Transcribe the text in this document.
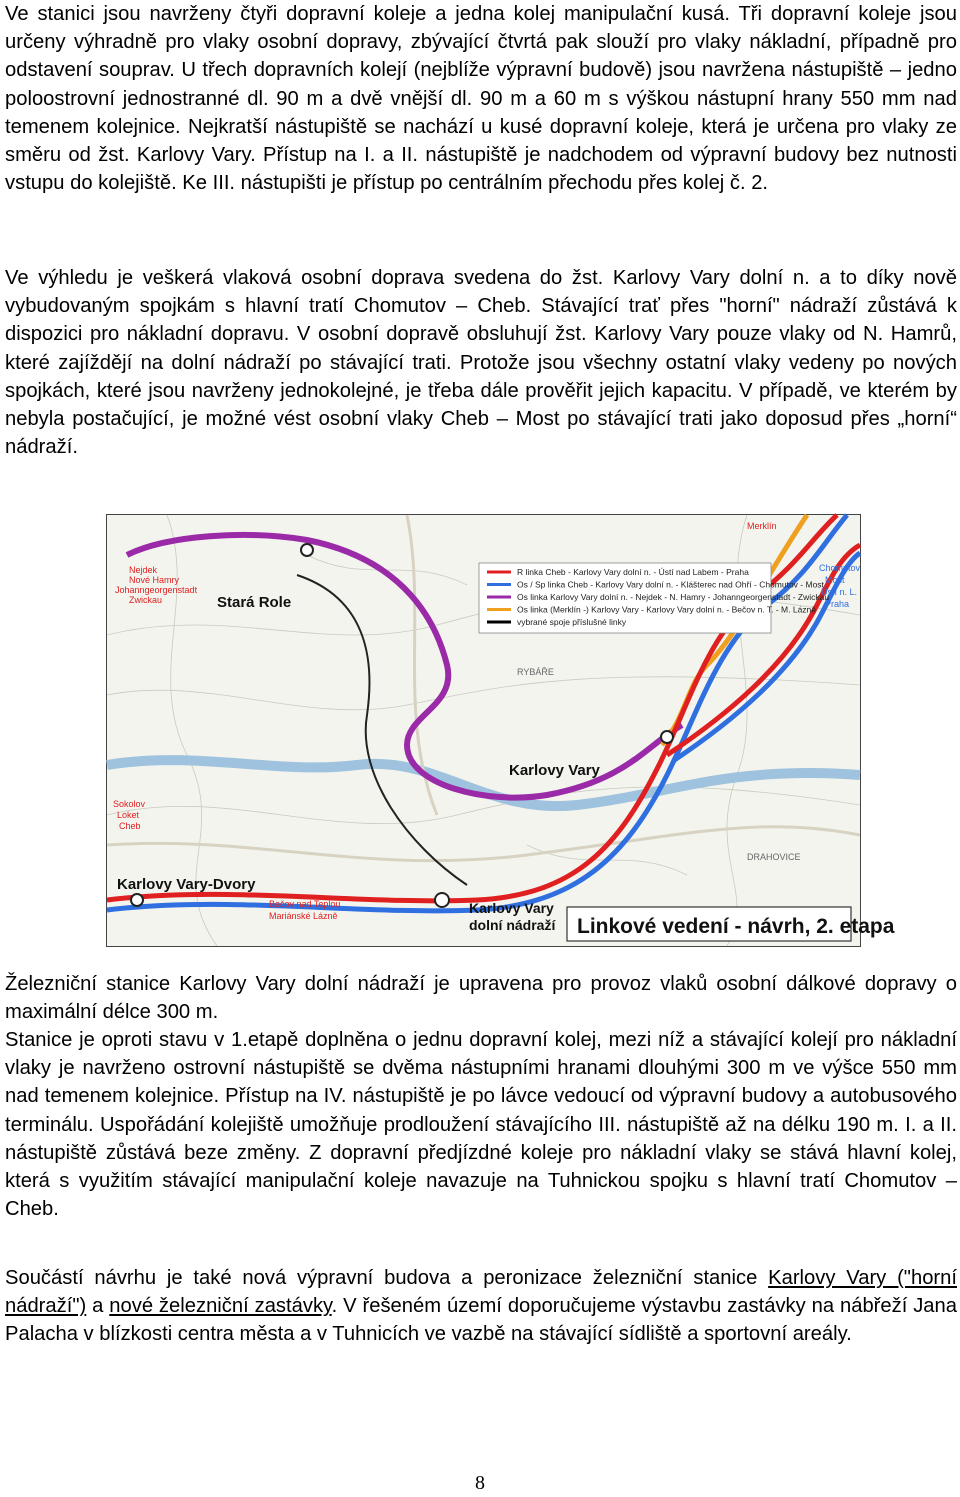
Ve stanici jsou navrženy čtyři dopravní koleje a jedna kolej manipulační kusá. Tři dopravní koleje jsou určeny výhradně pro vlaky osobní dopravy, zbývající čtvrtá pak slouží pro vlaky nákladní, případně pro odstavení souprav. U třech dopravních kolejí (nejblíže výpravní budově) jsou navržena nástupiště – jedno poloostrovní jednostranné dl. 90 m a dvě vnější dl. 90 m a 60 m s výškou nástupní hrany 550 mm nad temenem kolejnice. Nejkratší nástupiště se nachází u kusé dopravní koleje, která je určena pro vlaky ze směru od žst. Karlovy Vary. Přístup na I. a II. nástupiště je nadchodem od výpravní budovy bez nutnosti vstupu do kolejiště. Ke III. nástupišti je přístup po centrálním přechodu přes kolej č. 2.

Ve výhledu je veškerá vlaková osobní doprava svedena do žst. Karlovy Vary dolní n. a to díky nově vybudovaným spojkám s hlavní tratí Chomutov – Cheb. Stávající trať přes "horní" nádraží zůstává k dispozici pro nákladní dopravu. V osobní dopravě obsluhují žst. Karlovy Vary pouze vlaky od N. Hamrů, které zajíždějí na dolní nádraží po stávající trati. Protože jsou všechny ostatní vlaky vedeny po nových spojkách, které jsou navrženy jednokolejné, je třeba dále prověřit jejich kapacitu. V případě, ve kterém by nebyla postačující, je možné vést osobní vlaky Cheb – Most po stávající trati jako doposud přes „horní“ nádraží.

R linka Cheb - Karlovy Vary dolní n. - Ústí nad Labem - Praha
Os / Sp linka Cheb - Karlovy Vary dolní n. - Klášterec nad Ohří - Chomutov - Most
Os linka Karlovy Vary dolní n. - Nejdek - N. Hamry - Johanngeorgenstadt - Zwickau
Os linka (Merklín -) Karlovy Vary - Karlovy Vary dolní n. - Bečov n. T. - M. Lázně
vybrané spoje příslušné linky
Stará Role
Karlovy Vary
Karlovy Vary-Dvory
Karlovy Vary
dolní nádraží
RYBÁŘE
DRAHOVICE
Merklín
Nejdek
Nové Hamry
Johanngeorgenstadt
Zwickau
Chomutov
Most
Ústí n. L.
Praha
Sokolov
Loket
Cheb
Bečov nad Teplou
Mariánské Lázně	Linkové vedení - návrh, 2. etapa

Železniční stanice Karlovy Vary dolní nádraží je upravena pro provoz vlaků osobní dálkové dopravy o maximální délce 300 m.

Stanice je oproti stavu v 1.etapě doplněna o jednu dopravní kolej, mezi níž a stávající kolejí pro nákladní vlaky je navrženo ostrovní nástupiště se dvěma nástupními hranami dlouhými 300 m ve výšce 550 mm nad temenem kolejnice. Přístup na IV. nástupiště je po lávce vedoucí od výpravní budovy a autobusového terminálu. Uspořádání kolejiště umožňuje prodloužení stávajícího III. nástupiště až na délku 190 m. I. a II. nástupiště zůstává beze změny. Z dopravní předjízdné koleje pro nákladní vlaky se stává hlavní kolej, která s využitím stávající manipulační koleje navazuje na Tuhnickou spojku s hlavní tratí Chomutov – Cheb.

Součástí návrhu je také nová výpravní budova a peronizace železniční stanice Karlovy Vary ("horní nádraží") a nové železniční zastávky. V řešeném území doporučujeme výstavbu zastávky na nábřeží Jana Palacha v blízkosti centra města a v Tuhnicích ve vazbě na stávající sídliště a sportovní areály.

8
